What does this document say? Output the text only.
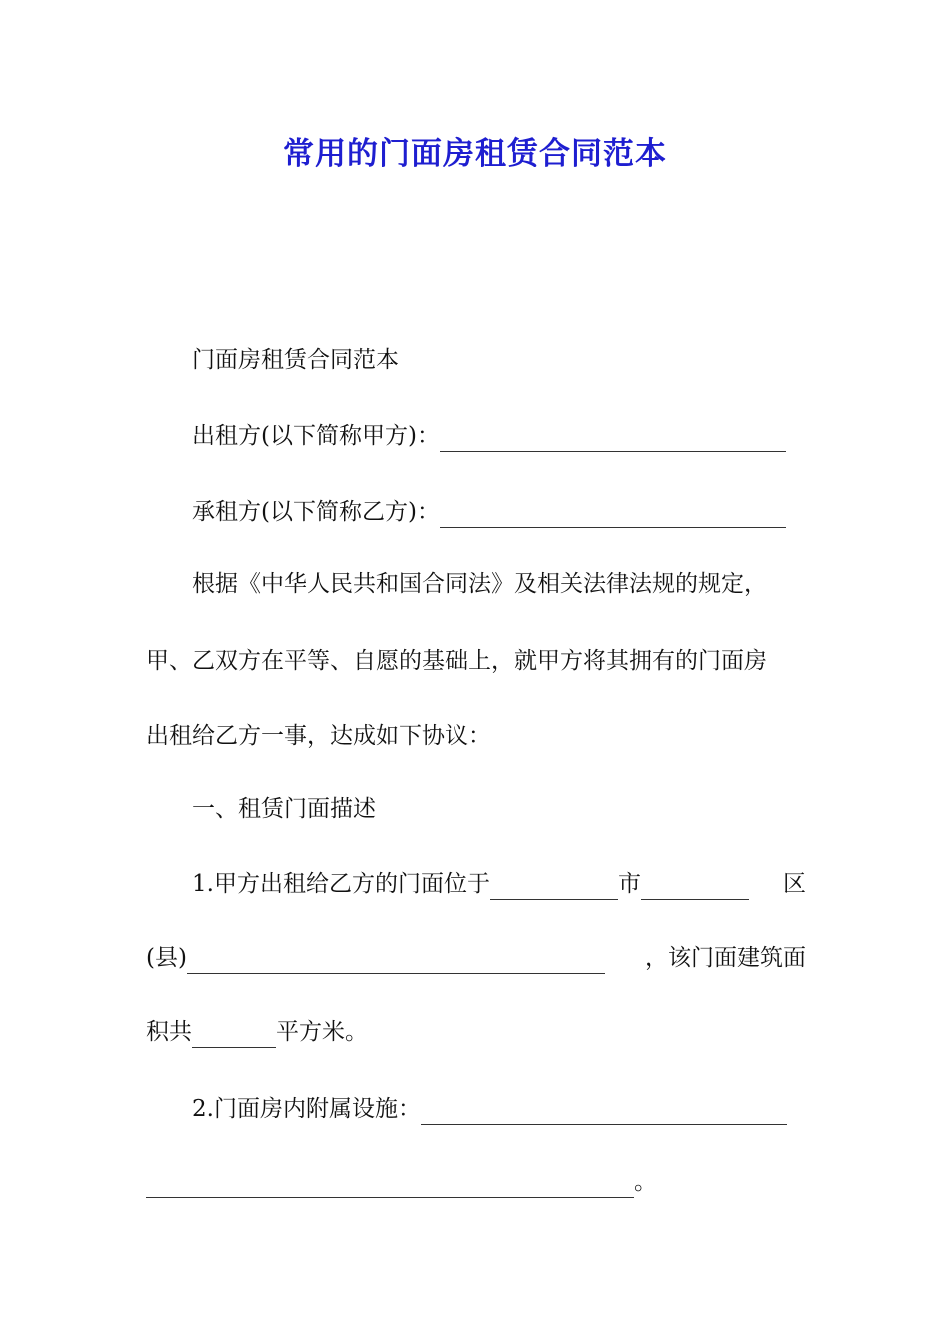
常用的门面房租赁合同范本
门面房租赁合同范本
出租方(以下简称甲方)：
承租方(以下简称乙方)：
根据《中华人民共和国合同法》及相关法律法规的规定，
甲、乙双方在平等、自愿的基础上，就甲方将其拥有的门面房
出租给乙方一事，达成如下协议：
一、租赁门面描述
1.甲方出租给乙方的门面位于	市	区
(县)	，该门面建筑面
积共	平方米。
2.门面房内附属设施：
。
